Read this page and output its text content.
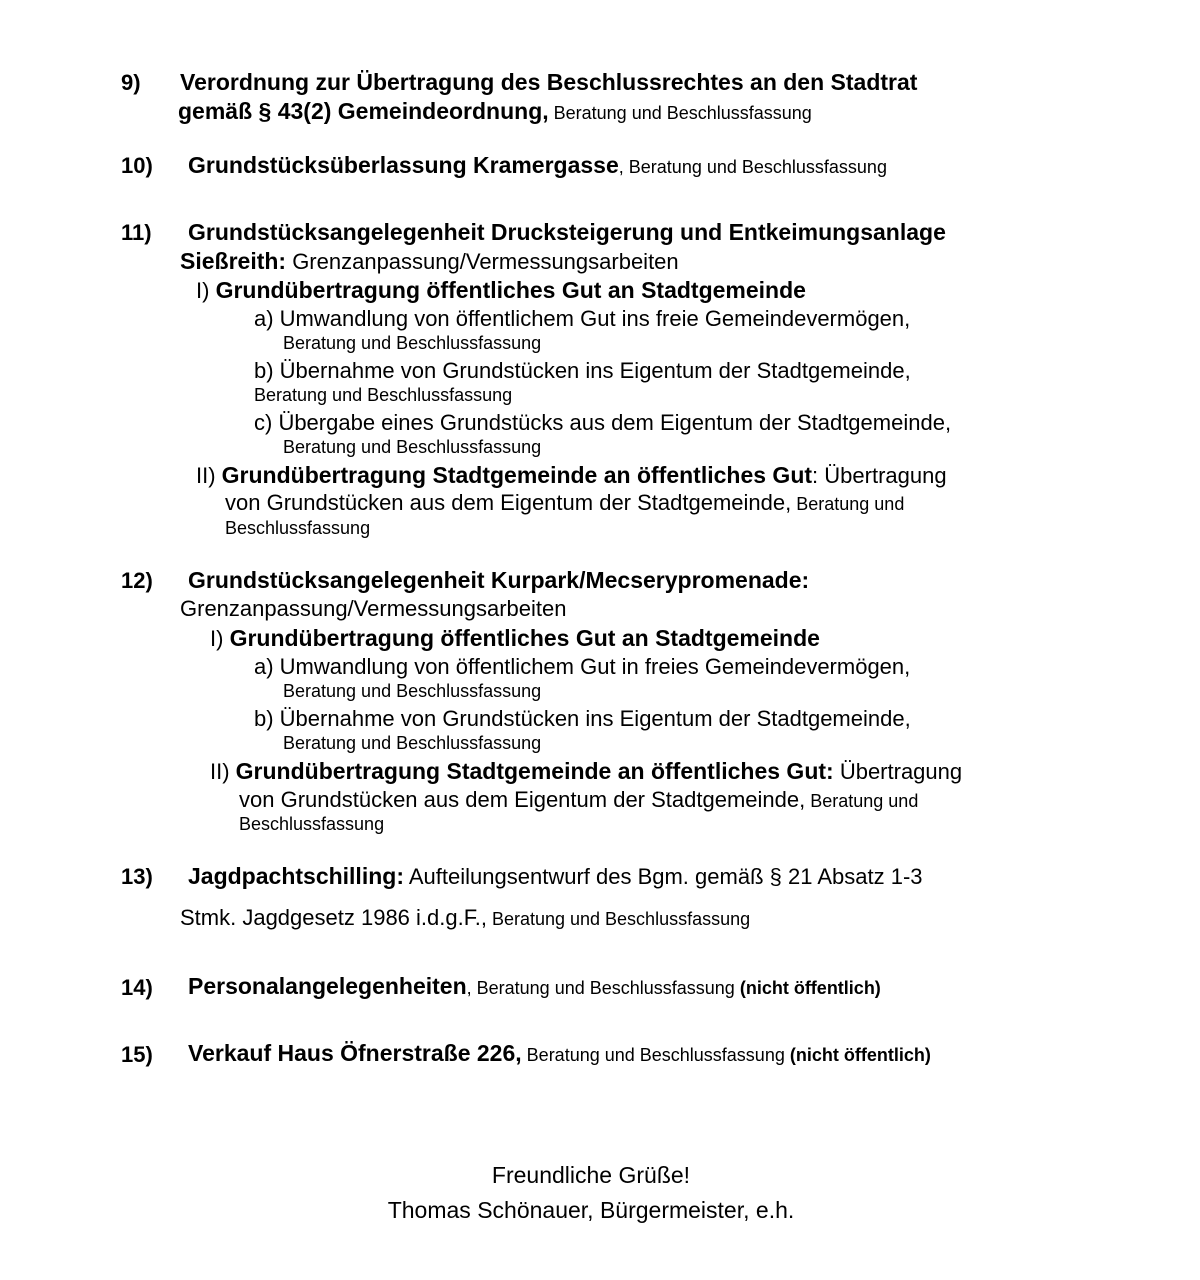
9) Verordnung zur Übertragung des Beschlussrechtes an den Stadtrat
gemäß § 43(2) Gemeindeordnung, Beratung und Beschlussfassung
10) Grundstücksüberlassung Kramergasse, Beratung und Beschlussfassung
11) Grundstücksangelegenheit Drucksteigerung und Entkeimungsanlage
Sießreith: Grenzanpassung/Vermessungsarbeiten
I) Grundübertragung öffentliches Gut an Stadtgemeinde
a) Umwandlung von öffentlichem Gut ins freie Gemeindevermögen,
Beratung und Beschlussfassung
b) Übernahme von Grundstücken ins Eigentum der Stadtgemeinde,
Beratung und Beschlussfassung
c) Übergabe eines Grundstücks aus dem Eigentum der Stadtgemeinde,
Beratung und Beschlussfassung
II) Grundübertragung Stadtgemeinde an öffentliches Gut: Übertragung
von Grundstücken aus dem Eigentum der Stadtgemeinde, Beratung und
Beschlussfassung
12) Grundstücksangelegenheit Kurpark/Mecserypromenade:
Grenzanpassung/Vermessungsarbeiten
I) Grundübertragung öffentliches Gut an Stadtgemeinde
a) Umwandlung von öffentlichem Gut in freies Gemeindevermögen,
Beratung und Beschlussfassung
b) Übernahme von Grundstücken ins Eigentum der Stadtgemeinde,
Beratung und Beschlussfassung
II) Grundübertragung Stadtgemeinde an öffentliches Gut: Übertragung
von Grundstücken aus dem Eigentum der Stadtgemeinde, Beratung und
Beschlussfassung
13) Jagdpachtschilling: Aufteilungsentwurf des Bgm. gemäß § 21 Absatz 1-3
Stmk. Jagdgesetz 1986 i.d.g.F., Beratung und Beschlussfassung
14) Personalangelegenheiten, Beratung und Beschlussfassung (nicht öffentlich)
15) Verkauf Haus Öfnerstraße 226, Beratung und Beschlussfassung (nicht öffentlich)
Freundliche Grüße!
Thomas Schönauer, Bürgermeister, e.h.
